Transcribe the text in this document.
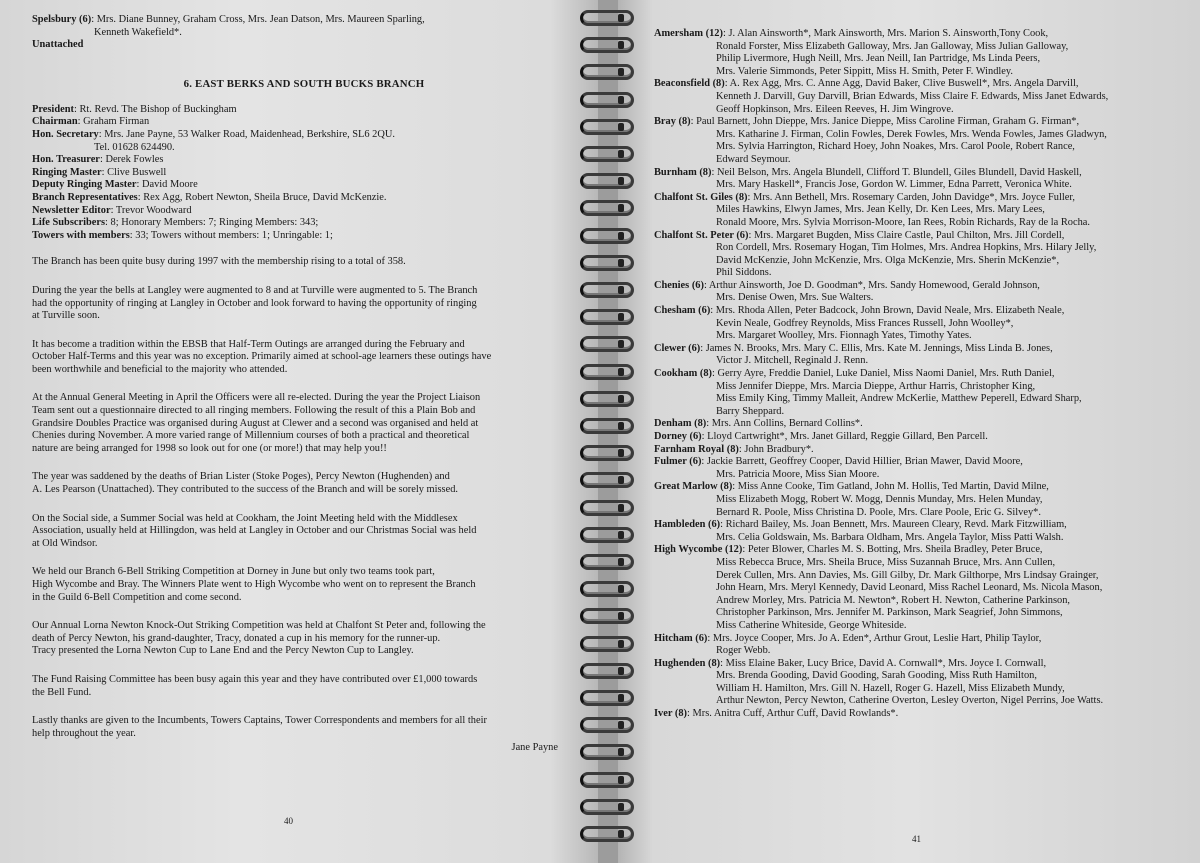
Spelsbury (6): Mrs. Diane Bunney, Graham Cross, Mrs. Jean Datson, Mrs. Maureen Sparling,

Kenneth Wakefield*.

Unattached

6. EAST BERKS AND SOUTH BUCKS BRANCH

President: Rt. Revd. The Bishop of Buckingham

Chairman: Graham Firman

Hon. Secretary: Mrs. Jane Payne, 53 Walker Road, Maidenhead, Berkshire, SL6 2QU.

Tel. 01628 624490.

Hon. Treasurer: Derek Fowles

Ringing Master: Clive Buswell

Deputy Ringing Master: David Moore

Branch Representatives: Rex Agg, Robert Newton, Sheila Bruce, David McKenzie.

Newsletter Editor: Trevor Woodward

Life Subscribers: 8; Honorary Members: 7; Ringing Members: 343;

Towers with members: 33; Towers without members: 1; Unringable: 1;

The Branch has been quite busy during 1997 with the membership rising to a total of 358.

During the year the bells at Langley were augmented to 8 and at Turville were augmented to 5. The Branch

had the opportunity of ringing at Langley in October and look forward to having the opportunity of ringing

at Turville soon.

It has become a tradition within the EBSB that Half-Term Outings are arranged during the February and

October Half-Terms and this year was no exception. Primarily aimed at school-age learners these outings have

been worthwhile and beneficial to the majority who attended.

At the Annual General Meeting in April the Officers were all re-elected. During the year the Project Liaison

Team sent out a questionnaire directed to all ringing members. Following the result of this a Plain Bob and

Grandsire Doubles Practice was organised during August at Clewer and a second was organised and held at

Chenies during November. A more varied range of Millennium courses of both a practical and theoretical

nature are being arranged for 1998 so look out for one (or more!) that may help you!!

The year was saddened by the deaths of Brian Lister (Stoke Poges), Percy Newton (Hughenden) and

A. Les Pearson (Unattached). They contributed to the success of the Branch and will be sorely missed.

On the Social side, a Summer Social was held at Cookham, the Joint Meeting held with the Middlesex

Association, usually held at Hillingdon, was held at Langley in October and our Christmas Social was held

at Old Windsor.

We held our Branch 6-Bell Striking Competition at Dorney in June but only two teams took part,

High Wycombe and Bray. The Winners Plate went to High Wycombe who went on to represent the Branch

in the Guild 6-Bell Competition and come second.

Our Annual Lorna Newton Knock-Out Striking Competition was held at Chalfont St Peter and, following the

death of Percy Newton, his grand-daughter, Tracy, donated a cup in his memory for the runner-up.

Tracy presented the Lorna Newton Cup to Lane End and the Percy Newton Cup to Langley.

The Fund Raising Committee has been busy again this year and they have contributed over £1,000 towards

the Bell Fund.

Lastly thanks are given to the Incumbents, Towers Captains, Tower Correspondents and members for all their

help throughout the year.

Jane Payne

40

Amersham (12): J. Alan Ainsworth*, Mark Ainsworth, Mrs. Marion S. Ainsworth,Tony Cook,

Ronald Forster, Miss Elizabeth Galloway, Mrs. Jan Galloway, Miss Julian Galloway,

Philip Livermore, Hugh Neill, Mrs. Jean Neill, Ian Partridge, Ms Linda Peers,

Mrs. Valerie Simmonds, Peter Sippitt, Miss H. Smith, Peter F. Windley.

Beaconsfield (8): A. Rex Agg, Mrs. C. Anne Agg, David Baker, Clive Buswell*, Mrs. Angela Darvill,

Kenneth J. Darvill, Guy Darvill, Brian Edwards, Miss Claire F. Edwards, Miss Janet Edwards,

Geoff Hopkinson, Mrs. Eileen Reeves, H. Jim Wingrove.

Bray (8): Paul Barnett, John Dieppe, Mrs. Janice Dieppe, Miss Caroline Firman, Graham G. Firman*,

Mrs. Katharine J. Firman, Colin Fowles, Derek Fowles, Mrs. Wenda Fowles, James Gladwyn,

Mrs. Sylvia Harrington, Richard Hoey, John Noakes, Mrs. Carol Poole, Robert Rance,

Edward Seymour.

Burnham (8): Neil Belson, Mrs. Angela Blundell, Clifford T. Blundell, Giles Blundell, David Haskell,

Mrs. Mary Haskell*, Francis Jose, Gordon W. Limmer, Edna Parrett, Veronica White.

Chalfont St. Giles (8): Mrs. Ann Bethell, Mrs. Rosemary Carden, John Davidge*, Mrs. Joyce Fuller,

Miles Hawkins, Elwyn James, Mrs. Jean Kelly, Dr. Ken Lees, Mrs. Mary Lees,

Ronald Moore, Mrs. Sylvia Morrison-Moore, Ian Rees, Robin Richards, Ray de la Rocha.

Chalfont St. Peter (6): Mrs. Margaret Bugden, Miss Claire Castle, Paul Chilton, Mrs. Jill Cordell,

Ron Cordell, Mrs. Rosemary Hogan, Tim Holmes, Mrs. Andrea Hopkins, Mrs. Hilary Jelly,

David McKenzie, John McKenzie, Mrs. Olga McKenzie, Mrs. Sherin McKenzie*,

Phil Siddons.

Chenies (6): Arthur Ainsworth, Joe D. Goodman*, Mrs. Sandy Homewood, Gerald Johnson,

Mrs. Denise Owen, Mrs. Sue Walters.

Chesham (6): Mrs. Rhoda Allen, Peter Badcock, John Brown, David Neale, Mrs. Elizabeth Neale,

Kevin Neale, Godfrey Reynolds, Miss Frances Russell, John Woolley*,

Mrs. Margaret Woolley, Mrs. Fionnagh Yates, Timothy Yates.

Clewer (6): James N. Brooks, Mrs. Mary C. Ellis, Mrs. Kate M. Jennings, Miss Linda B. Jones,

Victor J. Mitchell, Reginald J. Renn.

Cookham (8): Gerry Ayre, Freddie Daniel, Luke Daniel, Miss Naomi Daniel, Mrs. Ruth Daniel,

Miss Jennifer Dieppe, Mrs. Marcia Dieppe, Arthur Harris, Christopher King,

Miss Emily King, Timmy Malleit, Andrew McKerlie, Matthew Peperell, Edward Sharp,

Barry Sheppard.

Denham (8): Mrs. Ann Collins, Bernard Collins*.

Dorney (6): Lloyd Cartwright*, Mrs. Janet Gillard, Reggie Gillard, Ben Parcell.

Farnham Royal (8): John Bradbury*.

Fulmer (6): Jackie Barrett, Geoffrey Cooper, David Hillier, Brian Mawer, David Moore,

Mrs. Patricia Moore, Miss Sian Moore.

Great Marlow (8): Miss Anne Cooke, Tim Gatland, John M. Hollis, Ted Martin, David Milne,

Miss Elizabeth Mogg, Robert W. Mogg, Dennis Munday, Mrs. Helen Munday,

Bernard R. Poole, Miss Christina D. Poole, Mrs. Clare Poole, Eric G. Silvey*.

Hambleden (6): Richard Bailey, Ms. Joan Bennett, Mrs. Maureen Cleary, Revd. Mark Fitzwilliam,

Mrs. Celia Goldswain, Ms. Barbara Oldham, Mrs. Angela Taylor, Miss Patti Walsh.

High Wycombe (12): Peter Blower, Charles M. S. Botting, Mrs. Sheila Bradley, Peter Bruce,

Miss Rebecca Bruce, Mrs. Sheila Bruce, Miss Suzannah Bruce, Mrs. Ann Cullen,

Derek Cullen, Mrs. Ann Davies, Ms. Gill Gilby, Dr. Mark Gilthorpe, Mrs Lindsay Grainger,

John Hearn, Mrs. Meryl Kennedy, David Leonard, Miss Rachel Leonard, Ms. Nicola Mason,

Andrew Morley, Mrs. Patricia M. Newton*, Robert H. Newton, Catherine Parkinson,

Christopher Parkinson, Mrs. Jennifer M. Parkinson, Mark Seagrief, John Simmons,

Miss Catherine Whiteside, George Whiteside.

Hitcham (6): Mrs. Joyce Cooper, Mrs. Jo A. Eden*, Arthur Grout, Leslie Hart, Philip Taylor,

Roger Webb.

Hughenden (8): Miss Elaine Baker, Lucy Brice, David A. Cornwall*, Mrs. Joyce I. Cornwall,

Mrs. Brenda Gooding, David Gooding, Sarah Gooding, Miss Ruth Hamilton,

William H. Hamilton, Mrs. Gill N. Hazell, Roger G. Hazell, Miss Elizabeth Mundy,

Arthur Newton, Percy Newton, Catherine Overton, Lesley Overton, Nigel Perrins, Joe Watts.

Iver (8): Mrs. Anitra Cuff, Arthur Cuff, David Rowlands*.

41
